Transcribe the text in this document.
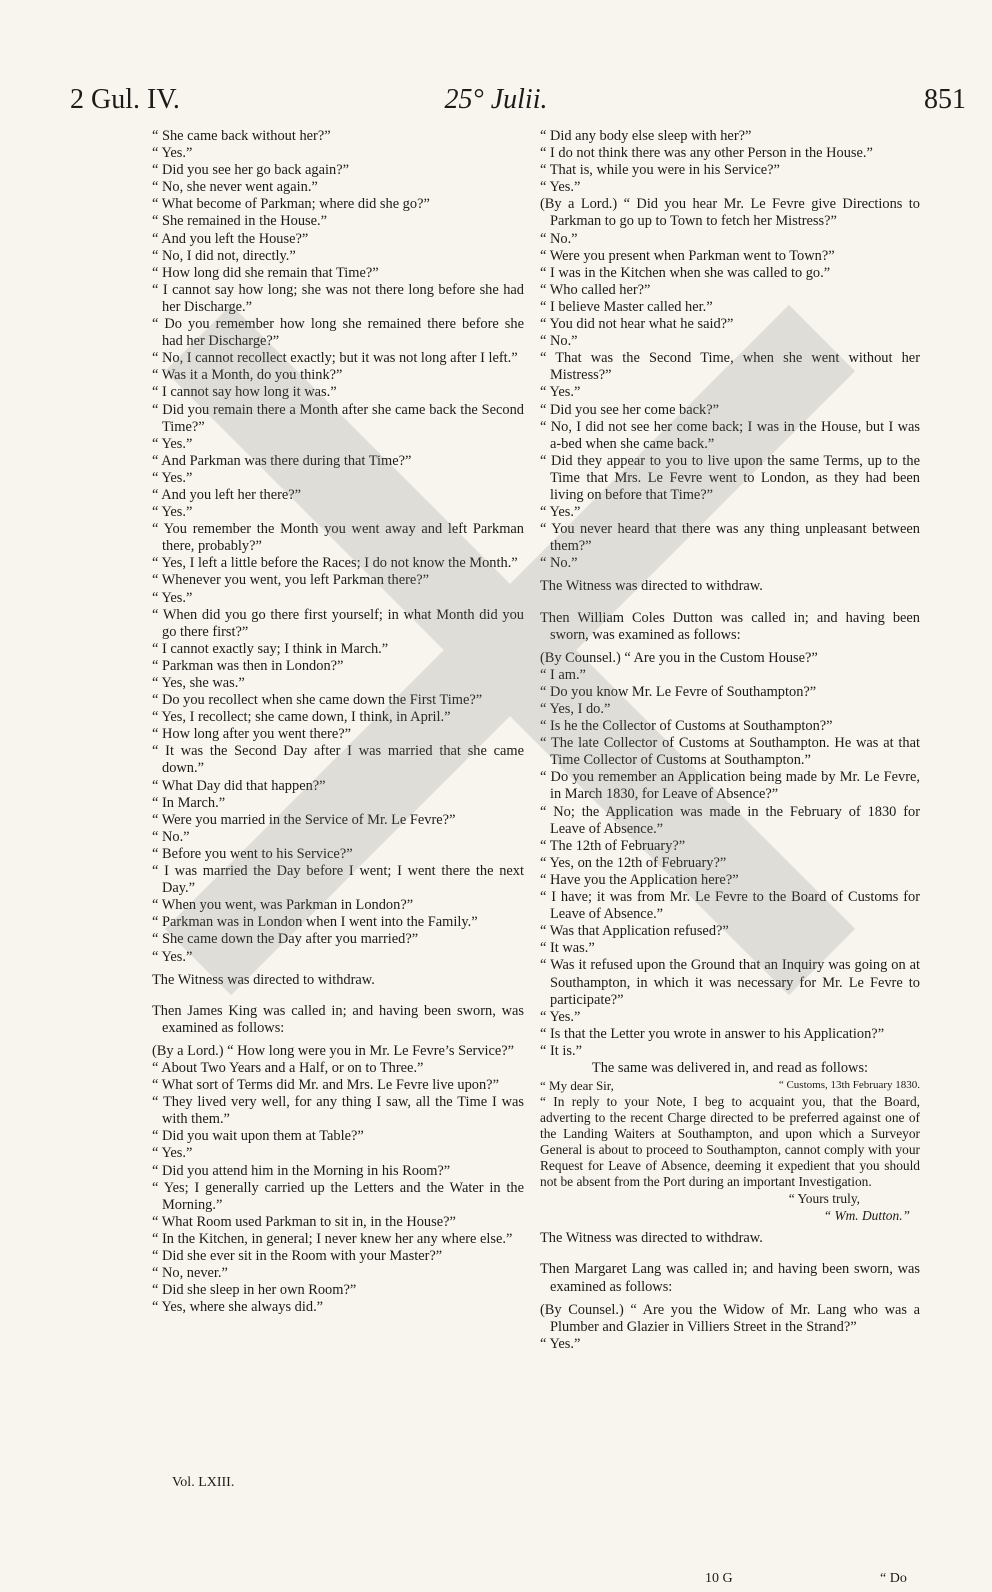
2 Gul. IV.	25° Julii.	851

“ She came back without her?”

“ Yes.”

“ Did you see her go back again?”

“ No, she never went again.”

“ What become of Parkman; where did she go?”

“ She remained in the House.”

“ And you left the House?”

“ No, I did not, directly.”

“ How long did she remain that Time?”

“ I cannot say how long; she was not there long before she had her Discharge.”

“ Do you remember how long she remained there before she had her Discharge?”

“ No, I cannot recollect exactly; but it was not long after I left.”

“ Was it a Month, do you think?”

“ I cannot say how long it was.”

“ Did you remain there a Month after she came back the Second Time?”

“ Yes.”

“ And Parkman was there during that Time?”

“ Yes.”

“ And you left her there?”

“ Yes.”

“ You remember the Month you went away and left Parkman there, probably?”

“ Yes, I left a little before the Races; I do not know the Month.”

“ Whenever you went, you left Parkman there?”

“ Yes.”

“ When did you go there first yourself; in what Month did you go there first?”

“ I cannot exactly say; I think in March.”

“ Parkman was then in London?”

“ Yes, she was.”

“ Do you recollect when she came down the First Time?”

“ Yes, I recollect; she came down, I think, in April.”

“ How long after you went there?”

“ It was the Second Day after I was married that she came down.”

“ What Day did that happen?”

“ In March.”

“ Were you married in the Service of Mr. Le Fevre?”

“ No.”

“ Before you went to his Service?”

“ I was married the Day before I went; I went there the next Day.”

“ When you went, was Parkman in London?”

“ Parkman was in London when I went into the Family.”

“ She came down the Day after you married?”

“ Yes.”

The Witness was directed to withdraw.

Then James King was called in; and having been sworn, was examined as follows:

(By a Lord.) “ How long were you in Mr. Le Fevre’s Service?”

“ About Two Years and a Half, or on to Three.”

“ What sort of Terms did Mr. and Mrs. Le Fevre live upon?”

“ They lived very well, for any thing I saw, all the Time I was with them.”

“ Did you wait upon them at Table?”

“ Yes.”

“ Did you attend him in the Morning in his Room?”

“ Yes; I generally carried up the Letters and the Water in the Morning.”

“ What Room used Parkman to sit in, in the House?”

“ In the Kitchen, in general; I never knew her any where else.”

“ Did she ever sit in the Room with your Master?”

“ No, never.”

“ Did she sleep in her own Room?”

“ Yes, where she always did.”

“ Did any body else sleep with her?”

“ I do not think there was any other Person in the House.”

“ That is, while you were in his Service?”

“ Yes.”

(By a Lord.) “ Did you hear Mr. Le Fevre give Directions to Parkman to go up to Town to fetch her Mistress?”

“ No.”

“ Were you present when Parkman went to Town?”

“ I was in the Kitchen when she was called to go.”

“ Who called her?”

“ I believe Master called her.”

“ You did not hear what he said?”

“ No.”

“ That was the Second Time, when she went without her Mistress?”

“ Yes.”

“ Did you see her come back?”

“ No, I did not see her come back; I was in the House, but I was a-bed when she came back.”

“ Did they appear to you to live upon the same Terms, up to the Time that Mrs. Le Fevre went to London, as they had been living on before that Time?”

“ Yes.”

“ You never heard that there was any thing unpleasant between them?”

“ No.”

The Witness was directed to withdraw.

Then William Coles Dutton was called in; and having been sworn, was examined as follows:

(By Counsel.) “ Are you in the Custom House?”

“ I am.”

“ Do you know Mr. Le Fevre of Southampton?”

“ Yes, I do.”

“ Is he the Collector of Customs at Southampton?”

“ The late Collector of Customs at Southampton. He was at that Time Collector of Customs at Southampton.”

“ Do you remember an Application being made by Mr. Le Fevre, in March 1830, for Leave of Absence?”

“ No; the Application was made in the February of 1830 for Leave of Absence.”

“ The 12th of February?”

“ Yes, on the 12th of February?”

“ Have you the Application here?”

“ I have; it was from Mr. Le Fevre to the Board of Customs for Leave of Absence.”

“ Was that Application refused?”

“ It was.”

“ Was it refused upon the Ground that an Inquiry was going on at Southampton, in which it was necessary for Mr. Le Fevre to participate?”

“ Yes.”

“ Is that the Letter you wrote in answer to his Application?”

“ It is.”

The same was delivered in, and read as follows:

“ My dear Sir,	“ Customs, 13th February 1830.

“ In reply to your Note, I beg to acquaint you, that the Board, adverting to the recent Charge directed to be preferred against one of the Landing Waiters at Southampton, and upon which a Surveyor General is about to proceed to Southampton, cannot comply with your Request for Leave of Absence, deeming it expedient that you should not be absent from the Port during an important Investigation.

“ Yours truly,

“ Wm. Dutton.”

The Witness was directed to withdraw.

Then Margaret Lang was called in; and having been sworn, was examined as follows:

(By Counsel.) “ Are you the Widow of Mr. Lang who was a Plumber and Glazier in Villiers Street in the Strand?”

“ Yes.”

Vol. LXIII.
10 G	“ Do
